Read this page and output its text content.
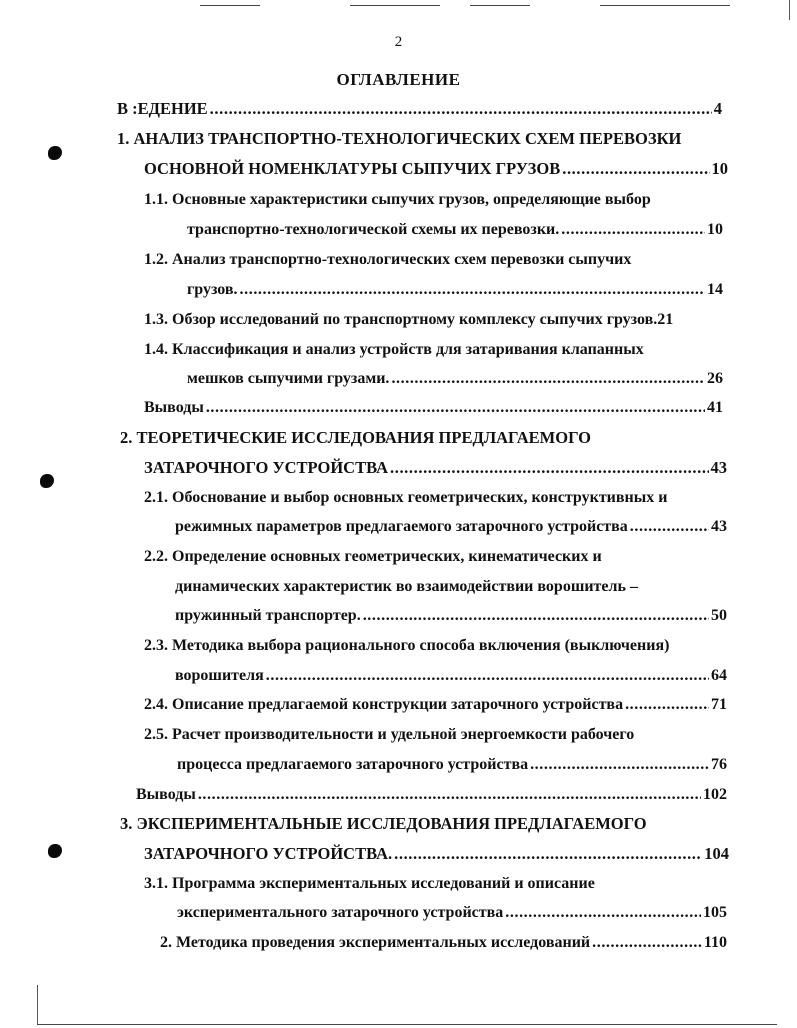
2
ОГЛАВЛЕНИЕ
В :ЕДЕНИЕ .....	4
1. АНАЛИЗ ТРАНСПОРТНО-ТЕХНОЛОГИЧЕСКИХ СХЕМ ПЕРЕВОЗКИ
ОСНОВНОЙ НОМЕНКЛАТУРЫ СЫПУЧИХ ГРУЗОВ .....	10
1.1. Основные характеристики сыпучих грузов, определяющие выбор
транспортно-технологической схемы их перевозки. .....	10
1.2. Анализ транспортно-технологических схем перевозки сыпучих
грузов. .....	14
1.3. Обзор исследований по транспортному комплексу сыпучих грузов.21
1.4. Классификация и анализ устройств для затаривания клапанных
мешков сыпучими грузами. .....	26
Выводы .....	41
2. ТЕОРЕТИЧЕСКИЕ ИССЛЕДОВАНИЯ ПРЕДЛАГАЕМОГО
ЗАТАРОЧНОГО УСТРОЙСТВА .....	43
2.1. Обоснование и выбор основных геометрических, конструктивных и
режимных параметров предлагаемого затарочного устройства .....	43
2.2. Определение основных геометрических, кинематических и
динамических характеристик во взаимодействии ворошитель –
пружинный транспортер. .....	50
2.3. Методика выбора рационального способа включения (выключения)
ворошителя .....	64
2.4. Описание предлагаемой конструкции затарочного устройства .....	71
2.5. Расчет производительности и удельной энергоемкости рабочего
процесса предлагаемого затарочного устройства .....	76
Выводы .....	102
3. ЭКСПЕРИМЕНТАЛЬНЫЕ ИССЛЕДОВАНИЯ ПРЕДЛАГАЕМОГО
ЗАТАРОЧНОГО УСТРОЙСТВА. .....	104
3.1. Программа экспериментальных исследований и описание
экспериментального затарочного устройства .....	105
2. Методика проведения экспериментальных исследований .....	110
